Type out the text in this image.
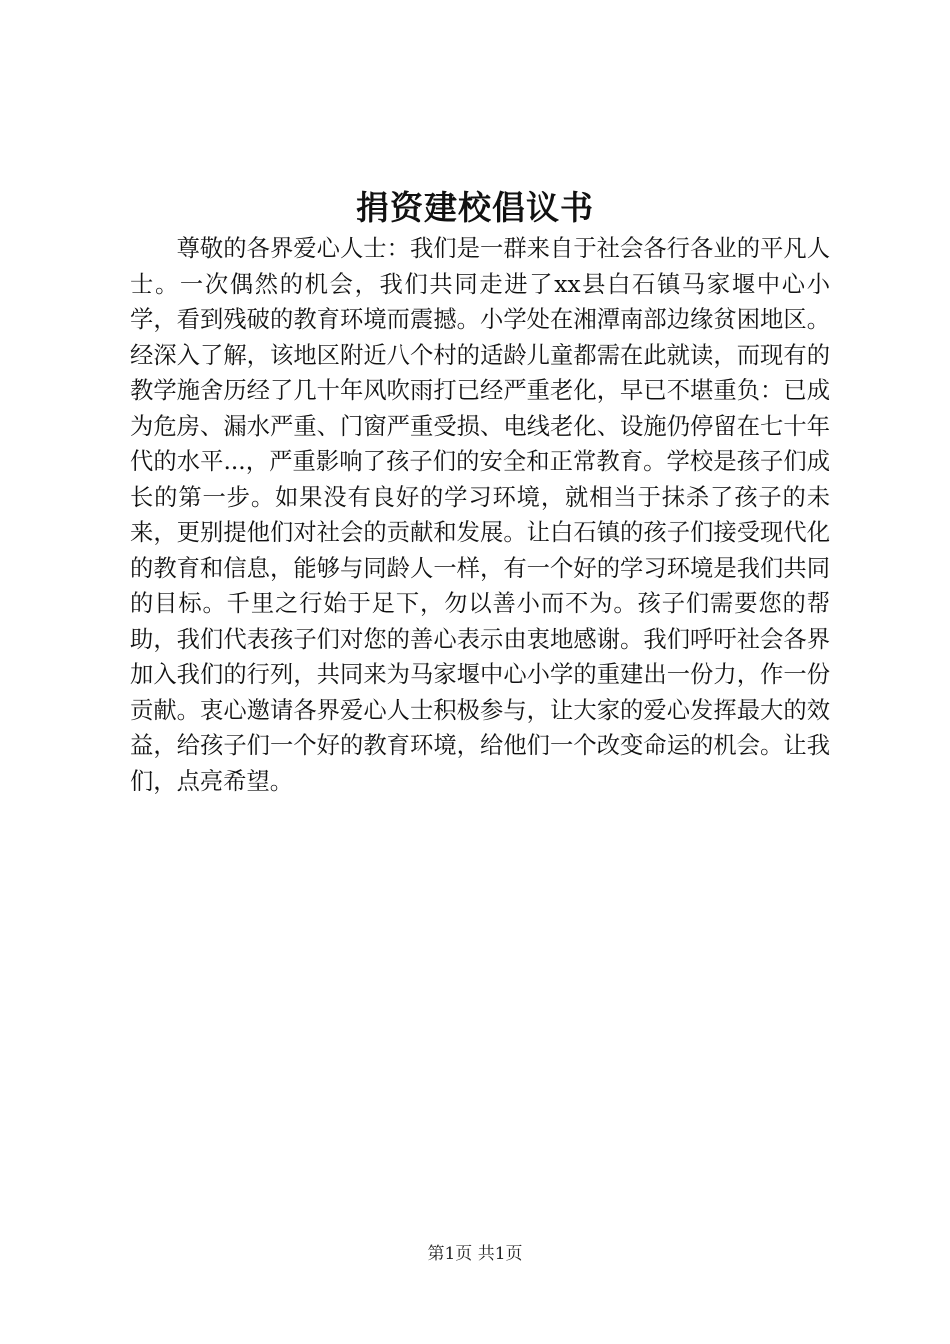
捐资建校倡议书

尊敬的各界爱心人士：我们是一群来自于社会各行各业的平凡人士。一次偶然的机会，我们共同走进了xx县白石镇马家堰中心小学，看到残破的教育环境而震撼。小学处在湘潭南部边缘贫困地区。经深入了解，该地区附近八个村的适龄儿童都需在此就读，而现有的教学施舍历经了几十年风吹雨打已经严重老化，早已不堪重负：已成为危房、漏水严重、门窗严重受损、电线老化、设施仍停留在七十年代的水平...，严重影响了孩子们的安全和正常教育。学校是孩子们成长的第一步。如果没有良好的学习环境，就相当于抹杀了孩子的未来，更别提他们对社会的贡献和发展。让白石镇的孩子们接受现代化的教育和信息，能够与同龄人一样，有一个好的学习环境是我们共同的目标。千里之行始于足下，勿以善小而不为。孩子们需要您的帮助，我们代表孩子们对您的善心表示由衷地感谢。我们呼吁社会各界加入我们的行列，共同来为马家堰中心小学的重建出一份力，作一份贡献。衷心邀请各界爱心人士积极参与，让大家的爱心发挥最大的效益，给孩子们一个好的教育环境，给他们一个改变命运的机会。让我们，点亮希望。

第1页 共1页
